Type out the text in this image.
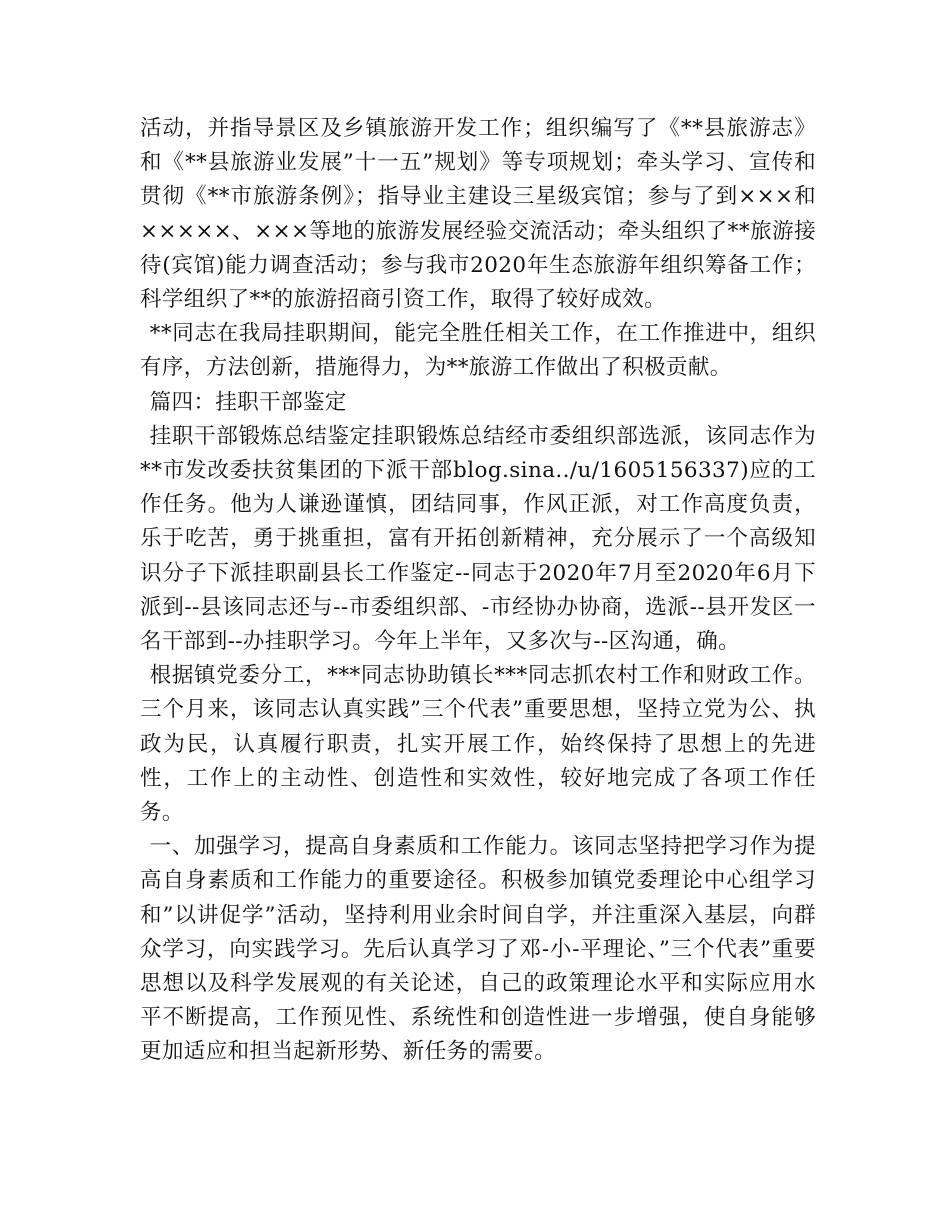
活动，并指导景区及乡镇旅游开发工作；组织编写了《**县旅游志》和《**县旅游业发展”十一五”规划》等专项规划；牵头学习、宣传和贯彻《**市旅游条例》；指导业主建设三星级宾馆；参与了到×××和×××××、×××等地的旅游发展经验交流活动；牵头组织了**旅游接待(宾馆)能力调查活动；参与我市2020年生态旅游年组织筹备工作；科学组织了**的旅游招商引资工作，取得了较好成效。

**同志在我局挂职期间，能完全胜任相关工作，在工作推进中，组织有序，方法创新，措施得力，为**旅游工作做出了积极贡献。

篇四：挂职干部鉴定

挂职干部锻炼总结鉴定挂职锻炼总结经市委组织部选派，该同志作为**市发改委扶贫集团的下派干部blog.sina../u/1605156337)应的工作任务。他为人谦逊谨慎，团结同事，作风正派，对工作高度负责，乐于吃苦，勇于挑重担，富有开拓创新精神，充分展示了一个高级知识分子下派挂职副县长工作鉴定--同志于2020年7月至2020年6月下派到--县该同志还与--市委组织部、-市经协办协商，选派--县开发区一名干部到--办挂职学习。今年上半年，又多次与--区沟通，确。

根据镇党委分工，***同志协助镇长***同志抓农村工作和财政工作。三个月来，该同志认真实践”三个代表”重要思想，坚持立党为公、执政为民，认真履行职责，扎实开展工作，始终保持了思想上的先进性，工作上的主动性、创造性和实效性，较好地完成了各项工作任务。

一、加强学习，提高自身素质和工作能力。该同志坚持把学习作为提高自身素质和工作能力的重要途径。积极参加镇党委理论中心组学习和”以讲促学”活动，坚持利用业余时间自学，并注重深入基层，向群众学习，向实践学习。先后认真学习了邓-小-平理论、”三个代表”重要思想以及科学发展观的有关论述，自己的政策理论水平和实际应用水平不断提高，工作预见性、系统性和创造性进一步增强，使自身能够更加适应和担当起新形势、新任务的需要。
